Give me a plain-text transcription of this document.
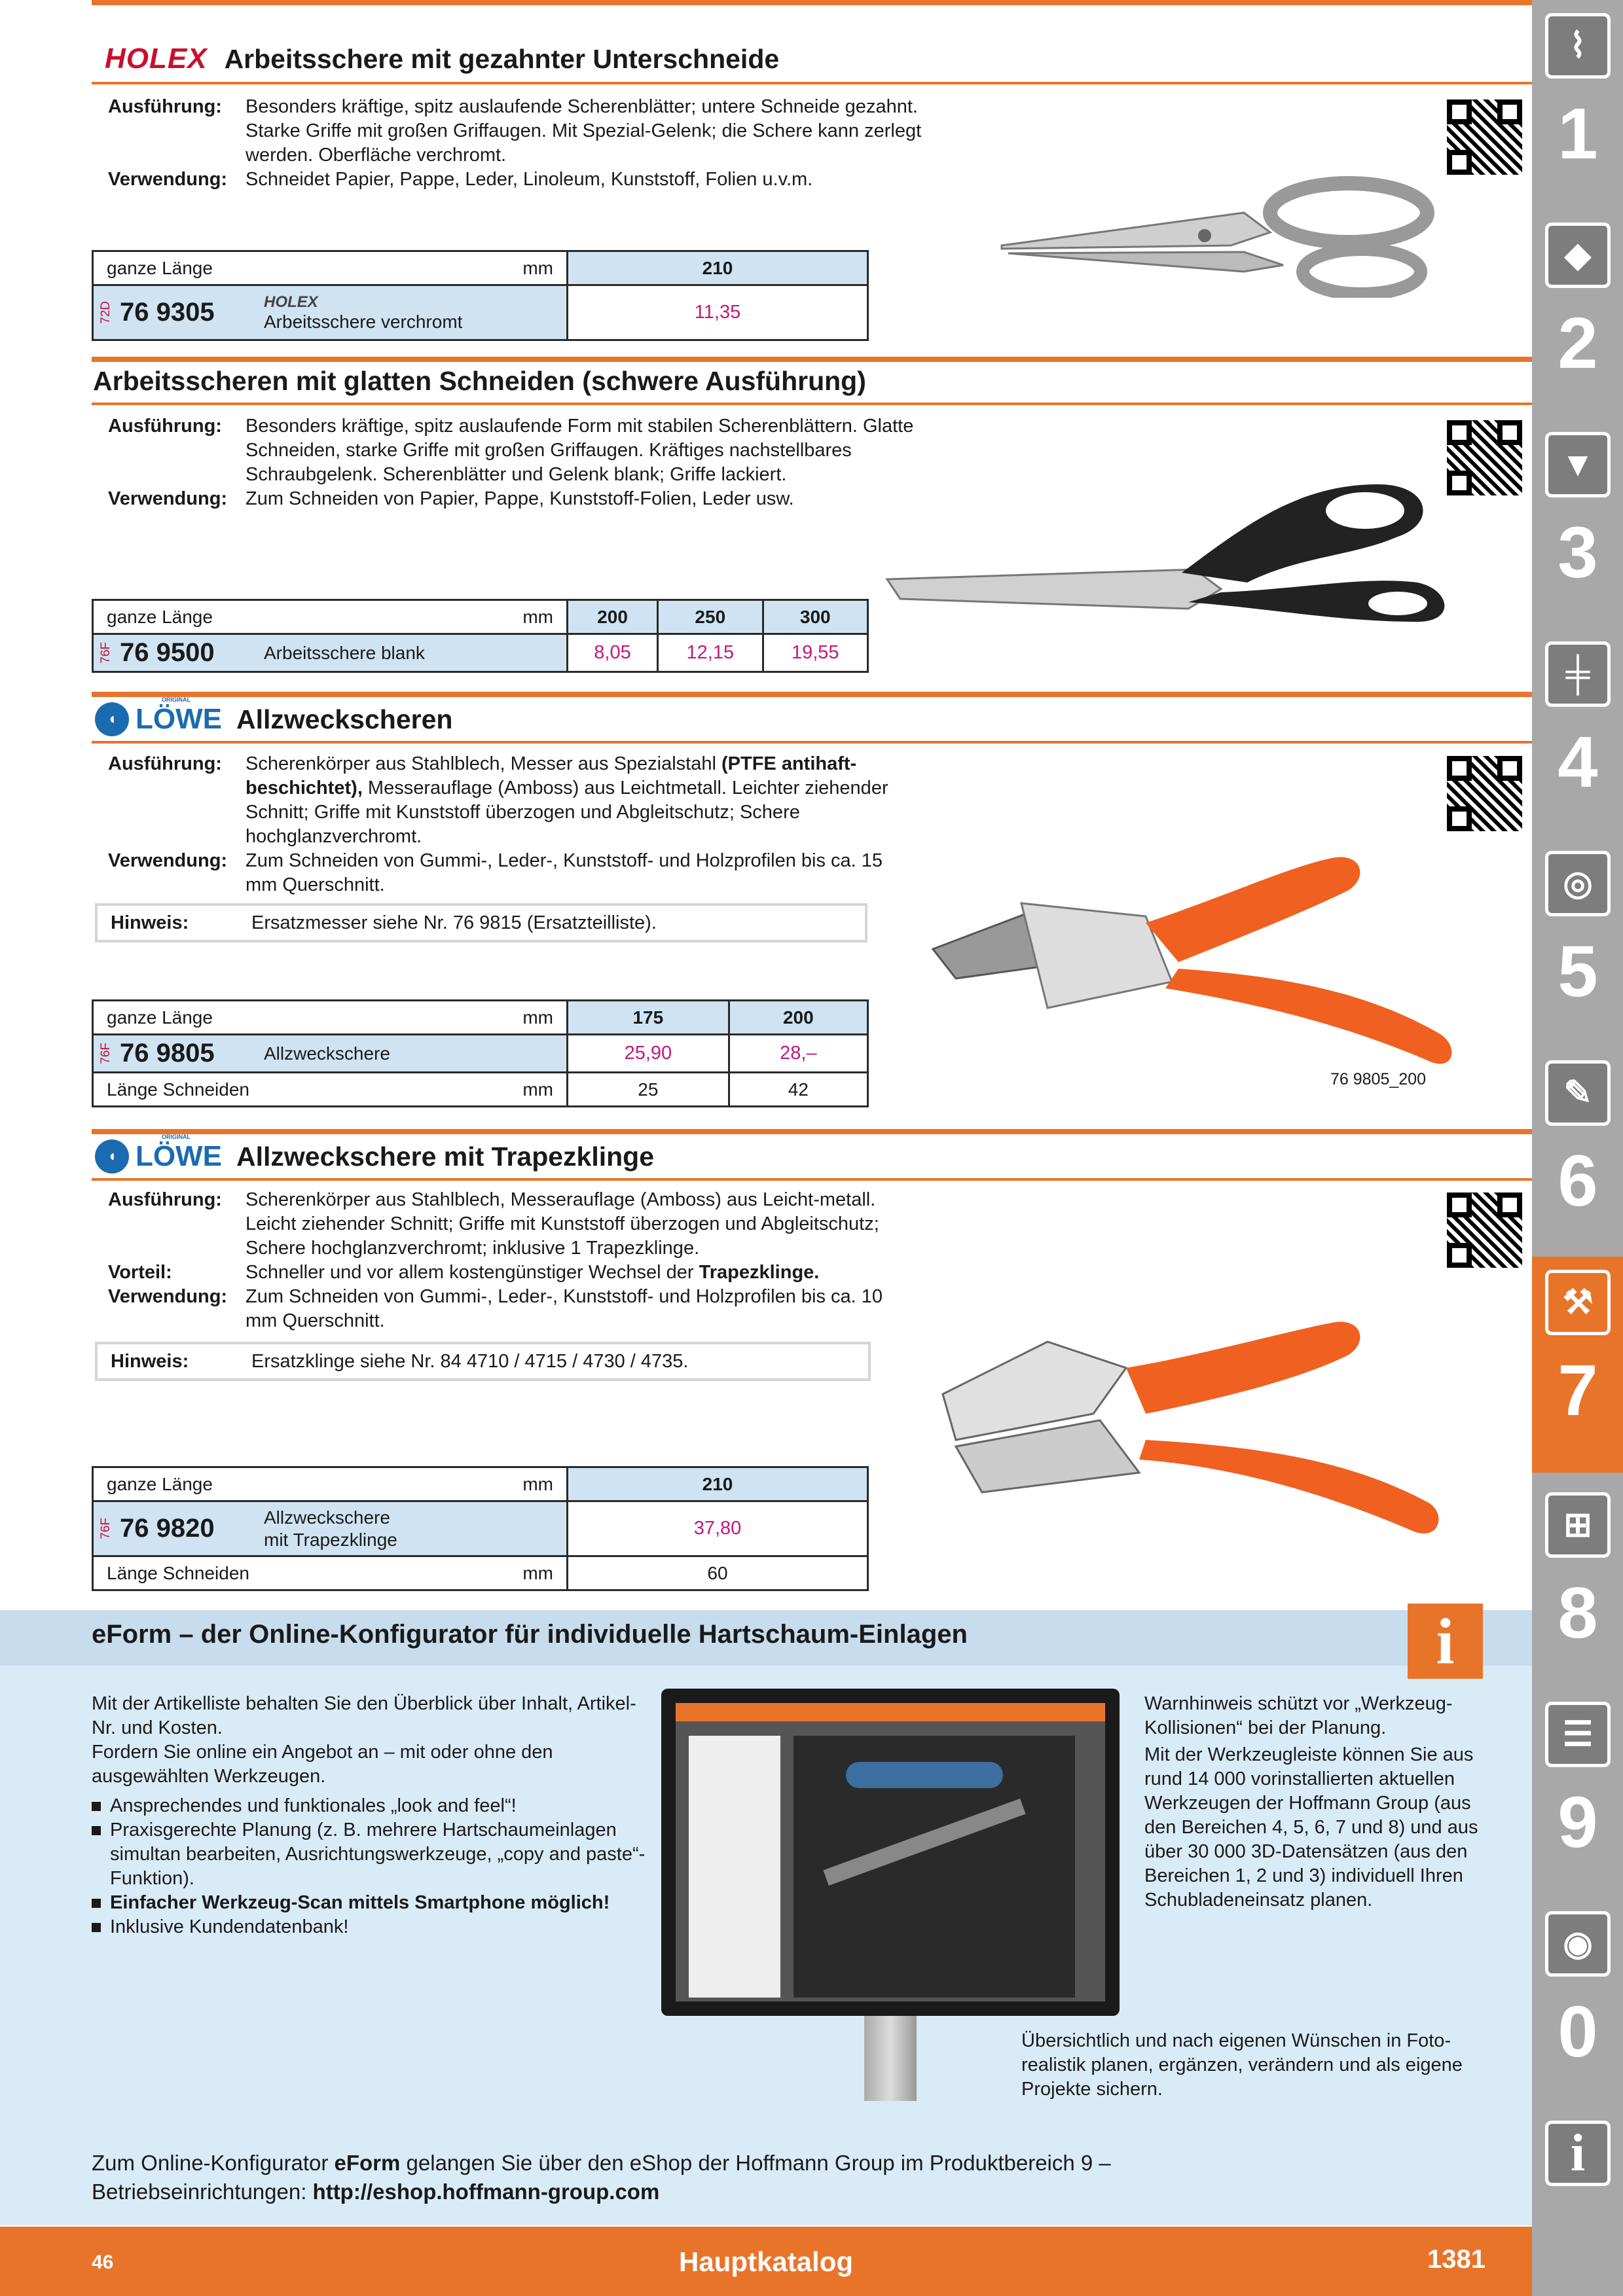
HOLEX Arbeitsschere mit gezahnter Unterschneide
Ausführung:	Besonders kräftige, spitz auslaufende Scherenblätter; untere Schneide gezahnt. Starke Griffe mit großen Griffaugen. Mit Spezial-Gelenk; die Schere kann zerlegt werden. Oberfläche verchromt.
Verwendung: Schneidet Papier, Pappe, Leder, Linoleum, Kunststoff, Folien u.v.m.
ganze Länge mm	210

72D 76 9305 HOLEX
Arbeitsschere verchromt	11,35
Arbeitsscheren mit glatten Schneiden (schwere Ausführung)
Ausführung:	Besonders kräftige, spitz auslaufende Form mit stabilen Scherenblättern. Glatte Schneiden, starke Griffe mit großen Griffaugen. Kräftiges nachstellbares Schraubgelenk. Scherenblätter und Gelenk blank; Griffe lackiert.
Verwendung: Zum Schneiden von Papier, Pappe, Kunststoff-Folien, Leder usw.
ganze Länge mm	200	250	300

76F 76 9500 Arbeitsschere blank	8,05	12,15	19,55
◖
ORIGINAL
LÖWE Allzweckscheren
Ausführung:	Scherenkörper aus Stahlblech, Messer aus Spezialstahl (PTFE antihaft-beschichtet), Messerauflage (Amboss) aus Leichtmetall. Leichter ziehender Schnitt; Griffe mit Kunststoff überzogen und Abgleitschutz; Schere hochglanzverchromt.
Verwendung: Zum Schneiden von Gummi-, Leder-, Kunststoff- und Holzprofilen bis ca. 15 mm Querschnitt.
Hinweis:	Ersatzmesser siehe Nr. 76 9815 (Ersatzteilliste).
ganze Länge mm	175	200

76F 76 9805 Allzweckschere	25,90	28,–
Länge Schneiden mm	25	42	76 9805_200
◖
ORIGINAL
LÖWE Allzweckschere mit Trapezklinge
Ausführung:	Scherenkörper aus Stahlblech, Messerauflage (Amboss) aus Leicht-metall. Leicht ziehender Schnitt; Griffe mit Kunststoff überzogen und Abgleitschutz; Schere hochglanzverchromt; inklusive 1 Trapezklinge.
Vorteil:	Schneller und vor allem kostengünstiger Wechsel der Trapezklinge.
Verwendung: Zum Schneiden von Gummi-, Leder-, Kunststoff- und Holzprofilen bis ca. 10 mm Querschnitt.
Hinweis:	Ersatzklinge siehe Nr. 84 4710 / 4715 / 4730 / 4735.
ganze Länge mm	210

76F 76 9820 Allzweckschere
mit Trapezklinge	37,80
Länge Schneiden mm	60
eForm – der Online-Konfigurator für individuelle Hartschaum-Einlagen	i

Mit der Artikelliste behalten Sie den Überblick über Inhalt, Artikel-Nr. und Kosten.

Fordern Sie online ein Angebot an – mit oder ohne den ausgewählten Werkzeugen.

Ansprechendes und funktionales „look and feel“!
Praxisgerechte Planung (z. B. mehrere Hartschaumeinlagen simultan bearbeiten, Ausrichtungswerkzeuge, „copy and paste“-Funktion).
Einfacher Werkzeug-Scan mittels Smartphone möglich!
Inklusive Kundendatenbank!

Warnhinweis schützt vor „Werkzeug-Kollisionen“ bei der Planung.

Mit der Werkzeugleiste können Sie aus rund 14 000 vorinstallierten aktuellen Werkzeugen der Hoffmann Group (aus den Bereichen 4, 5, 6, 7 und 8) und aus über 30 000 3D-Datensätzen (aus den Bereichen 1, 2 und 3) individuell Ihren Schubladeneinsatz planen.

Übersichtlich und nach eigenen Wünschen in Foto-realistik planen, ergänzen, verändern und als eigene Projekte sichern.
Zum Online-Konfigurator eForm gelangen Sie über den eShop der Hoffmann Group im Produktbereich 9 –
Betriebseinrichtungen: http://eshop.hoffmann-group.com
46	Hauptkatalog	1381
⌇
1
◆
2
▼
3
╪
4
◎
5
✎
6
⚒
7
⊞
8
☰
9
◉
0
i
